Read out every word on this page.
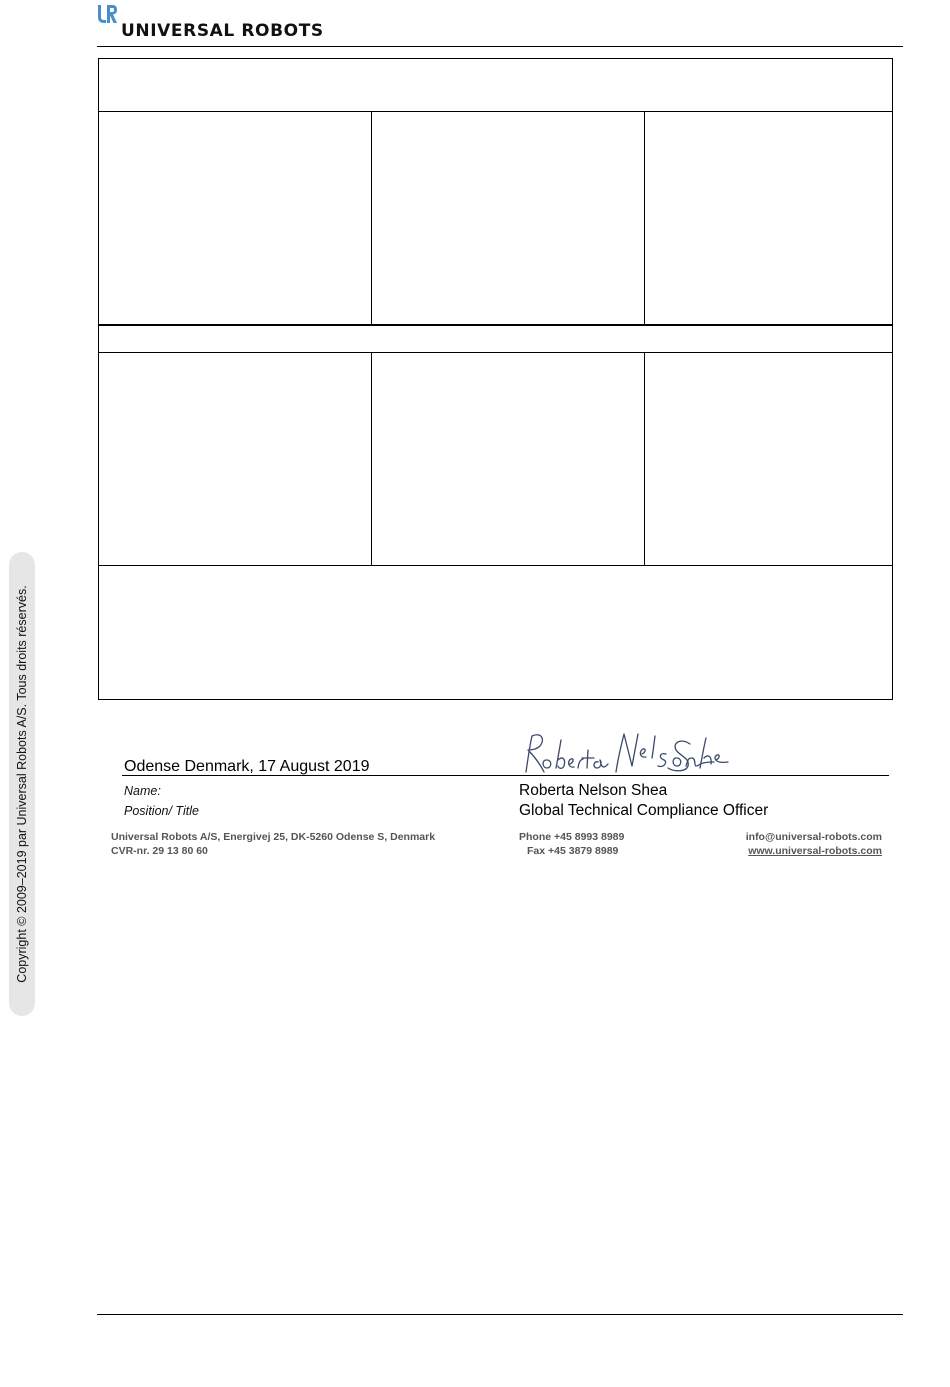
UNIVERSAL ROBOTS
Copyright © 2009–2019 par Universal Robots A/S. Tous droits réservés.	Odense Denmark, 17 August 2019
Name:
Position/ Title
Roberta Nelson Shea
Global Technical Compliance Officer
Universal Robots A/S, Energivej 25, DK-5260 Odense S, Denmark
CVR-nr. 29 13 80 60
Phone +45 8993 8989
Fax +45 3879 8989
info@universal-robots.com
www.universal-robots.com
